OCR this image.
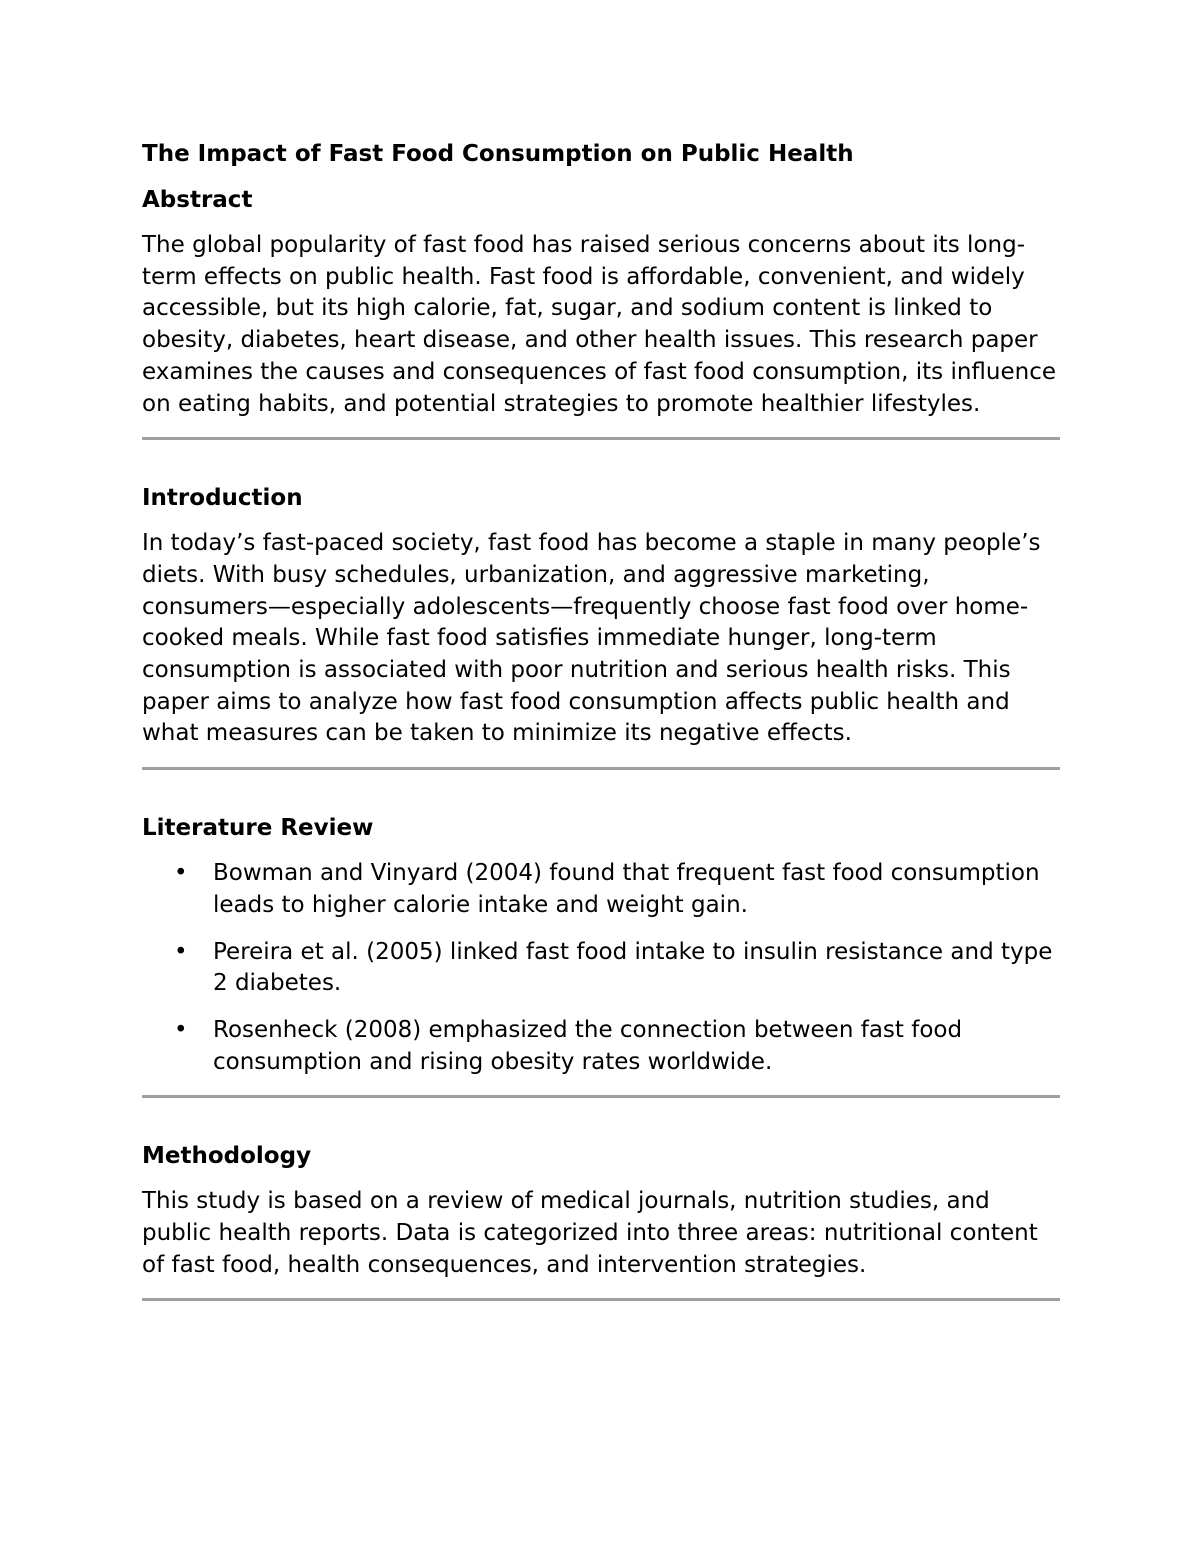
The Impact of Fast Food Consumption on Public Health
Abstract

The global popularity of fast food has raised serious concerns about its long-term effects on public health. Fast food is affordable, convenient, and widely accessible, but its high calorie, fat, sugar, and sodium content is linked to obesity, diabetes, heart disease, and other health issues. This research paper examines the causes and consequences of fast food consumption, its influence on eating habits, and potential strategies to promote healthier lifestyles.

Introduction

In today’s fast-paced society, fast food has become a staple in many people’s diets. With busy schedules, urbanization, and aggressive marketing, consumers—especially adolescents—frequently choose fast food over home-cooked meals. While fast food satisfies immediate hunger, long-term consumption is associated with poor nutrition and serious health risks. This paper aims to analyze how fast food consumption affects public health and what measures can be taken to minimize its negative effects.

Literature Review
• Bowman and Vinyard (2004) found that frequent fast food consumption leads to higher calorie intake and weight gain.
• Pereira et al. (2005) linked fast food intake to insulin resistance and type 2 diabetes.
• Rosenheck (2008) emphasized the connection between fast food consumption and rising obesity rates worldwide.
Methodology

This study is based on a review of medical journals, nutrition studies, and public health reports. Data is categorized into three areas: nutritional content of fast food, health consequences, and intervention strategies.
